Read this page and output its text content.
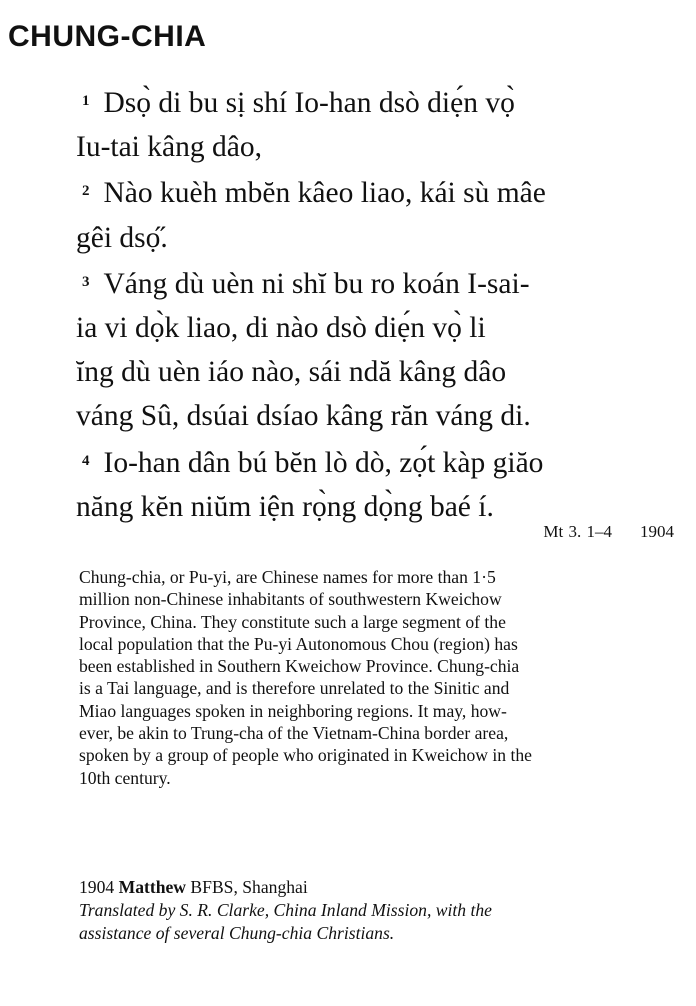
CHUNG-CHIA
$^1$ Dsọ̀ di bu sị shí Io-han dsò diẹ́n vọ̀
Iu-tai kâng dâo,
$^2$ Nào kuèh mbĕn kâeo liao, kái sù mâe
gêi dsọ̋.
$^3$ Váng dù uèn ni shĭ bu ro koán I-sai-
ia vi dọ̀k liao, di nào dsò diẹ́n vọ̀ li
ĭng dù uèn iáo nào, sái ndă kâng dâo
váng Sû, dsúai dsíao kâng răn váng di.
$^4$ Io-han dân bú bĕn lò dò, zọ́t kàp giăo
năng kĕn niŭm iện rọ̀ng dọ̀ng baé í.
Mt 3. 1–4 1904
Chung-chia, or Pu-yi, are Chinese names for more than 1·5
million non-Chinese inhabitants of southwestern Kweichow
Province, China. They constitute such a large segment of the
local population that the Pu-yi Autonomous Chou (region) has
been established in Southern Kweichow Province. Chung-chia
is a Tai language, and is therefore unrelated to the Sinitic and
Miao languages spoken in neighboring regions. It may, how-
ever, be akin to Trung-cha of the Vietnam-China border area,
spoken by a group of people who originated in Kweichow in the
10th century.
1904 Matthew BFBS, Shanghai
Translated by S. R. Clarke, China Inland Mission, with the
assistance of several Chung-chia Christians.
